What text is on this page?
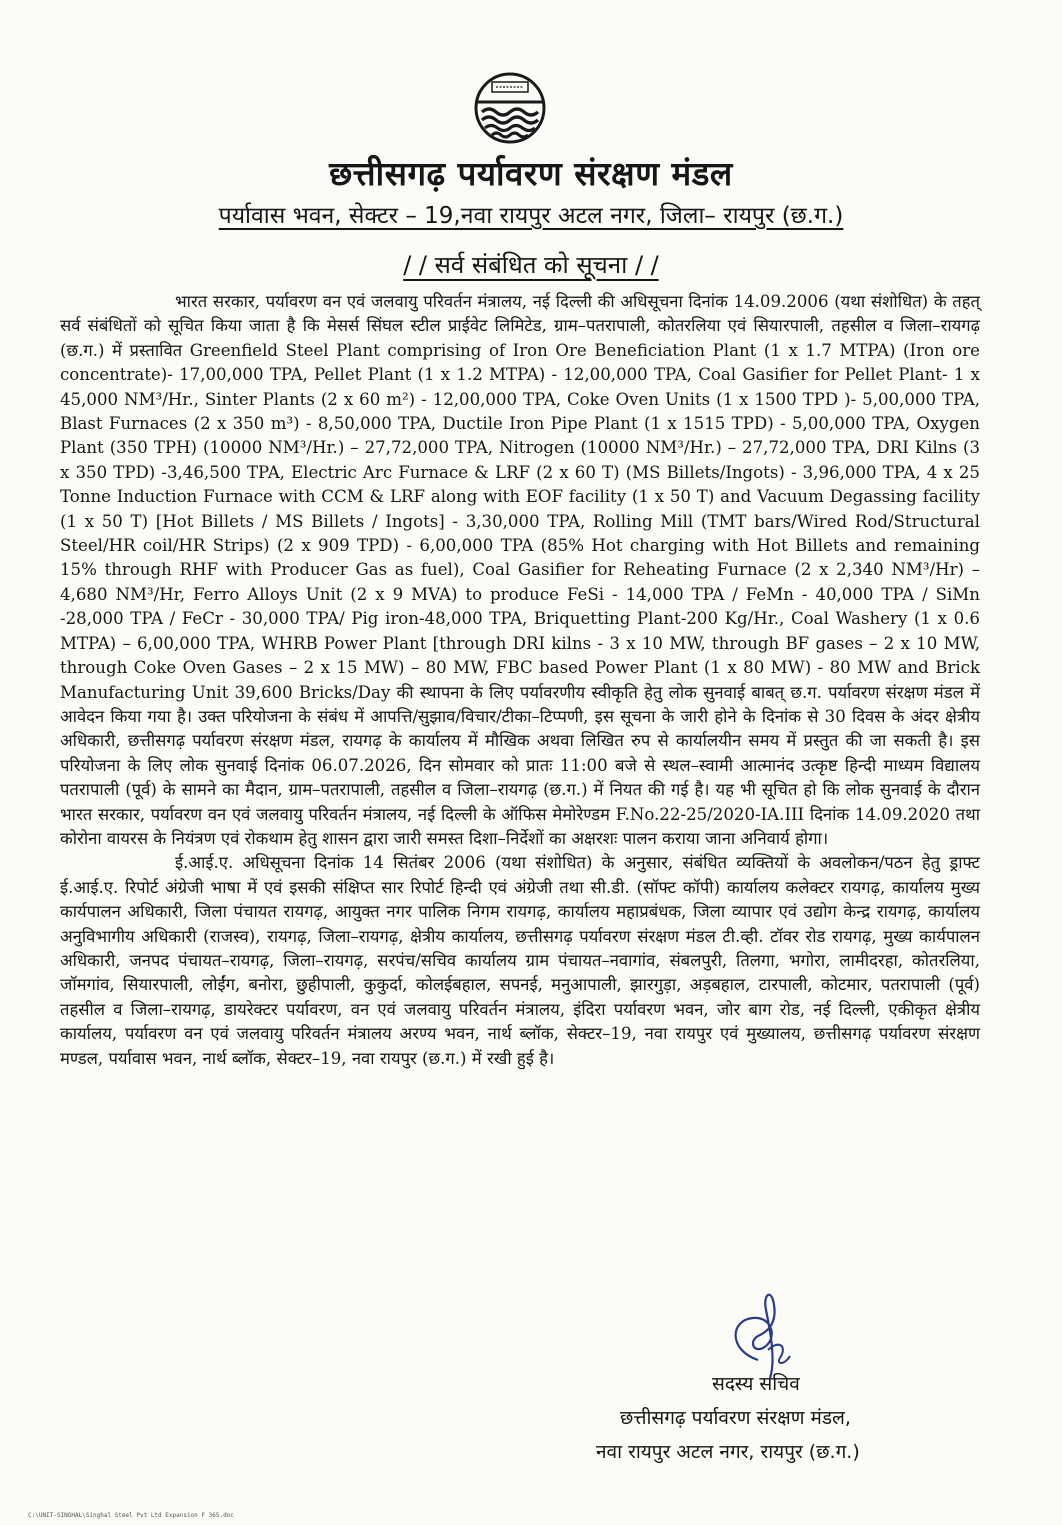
छत्तीसगढ़ पर्यावरण संरक्षण मंडल
पर्यावास भवन, सेक्टर – 19,नवा रायपुर अटल नगर, जिला– रायपुर (छ.ग.)
/ / सर्व संबंधित को सूचना / /

भारत सरकार, पर्यावरण वन एवं जलवायु परिवर्तन मंत्रालय, नई दिल्ली की अधिसूचना दिनांक 14.09.2006 (यथा संशोधित) के तहत् सर्व संबंधितों को सूचित किया जाता है कि मेसर्स सिंघल स्टील प्राईवेट लिमिटेड, ग्राम–पतरापाली, कोतरलिया एवं सियारपाली, तहसील व जिला–रायगढ़ (छ.ग.) में प्रस्तावित Greenfield Steel Plant comprising of Iron Ore Beneficiation Plant (1 x 1.7 MTPA) (Iron ore concentrate)- 17,00,000 TPA, Pellet Plant (1 x 1.2 MTPA) - 12,00,000 TPA, Coal Gasifier for Pellet Plant- 1 x 45,000 NM³/Hr., Sinter Plants (2 x 60 m²) - 12,00,000 TPA, Coke Oven Units (1 x 1500 TPD )- 5,00,000 TPA, Blast Furnaces (2 x 350 m³) - 8,50,000 TPA, Ductile Iron Pipe Plant (1 x 1515 TPD) - 5,00,000 TPA, Oxygen Plant (350 TPH) (10000 NM³/Hr.) – 27,72,000 TPA, Nitrogen (10000 NM³/Hr.) – 27,72,000 TPA, DRI Kilns (3 x 350 TPD) -3,46,500 TPA, Electric Arc Furnace & LRF (2 x 60 T) (MS Billets/Ingots) - 3,96,000 TPA, 4 x 25 Tonne Induction Furnace with CCM & LRF along with EOF facility (1 x 50 T) and Vacuum Degassing facility (1 x 50 T) [Hot Billets / MS Billets / Ingots] - 3,30,000 TPA, Rolling Mill (TMT bars/Wired Rod/Structural Steel/HR coil/HR Strips) (2 x 909 TPD) - 6,00,000 TPA (85% Hot charging with Hot Billets and remaining 15% through RHF with Producer Gas as fuel), Coal Gasifier for Reheating Furnace (2 x 2,340 NM³/Hr) – 4,680 NM³/Hr, Ferro Alloys Unit (2 x 9 MVA) to produce FeSi - 14,000 TPA / FeMn - 40,000 TPA / SiMn -28,000 TPA / FeCr - 30,000 TPA/ Pig iron-48,000 TPA, Briquetting Plant-200 Kg/Hr., Coal Washery (1 x 0.6 MTPA) – 6,00,000 TPA, WHRB Power Plant [through DRI kilns - 3 x 10 MW, through BF gases – 2 x 10 MW, through Coke Oven Gases – 2 x 15 MW) – 80 MW, FBC based Power Plant (1 x 80 MW) - 80 MW and Brick Manufacturing Unit 39,600 Bricks/Day की स्थापना के लिए पर्यावरणीय स्वीकृति हेतु लोक सुनवाई बाबत् छ.ग. पर्यावरण संरक्षण मंडल में आवेदन किया गया है। उक्त परियोजना के संबंध में आपत्ति/सुझाव/विचार/टीका–टिप्पणी, इस सूचना के जारी होने के दिनांक से 30 दिवस के अंदर क्षेत्रीय अधिकारी, छत्तीसगढ़ पर्यावरण संरक्षण मंडल, रायगढ़ के कार्यालय में मौखिक अथवा लिखित रुप से कार्यालयीन समय में प्रस्तुत की जा सकती है। इस परियोजना के लिए लोक सुनवाई दिनांक 06.07.2026, दिन सोमवार को प्रातः 11:00 बजे से स्थल–स्वामी आत्मानंद उत्कृष्ट हिन्दी माध्यम विद्यालय पतरापाली (पूर्व) के सामने का मैदान, ग्राम–पतरापाली, तहसील व जिला–रायगढ़ (छ.ग.) में नियत की गई है। यह भी सूचित हो कि लोक सुनवाई के दौरान भारत सरकार, पर्यावरण वन एवं जलवायु परिवर्तन मंत्रालय, नई दिल्ली के ऑफिस मेमोरेण्डम F.No.22-25/2020-IA.III दिनांक 14.09.2020 तथा कोरोना वायरस के नियंत्रण एवं रोकथाम हेतु शासन द्वारा जारी समस्त दिशा–निर्देशों का अक्षरशः पालन कराया जाना अनिवार्य होगा।

ई.आई.ए. अधिसूचना दिनांक 14 सितंबर 2006 (यथा संशोधित) के अनुसार, संबंधित व्यक्तियों के अवलोकन/पठन हेतु ड्राफ्ट ई.आई.ए. रिपोर्ट अंग्रेजी भाषा में एवं इसकी संक्षिप्त सार रिपोर्ट हिन्दी एवं अंग्रेजी तथा सी.डी. (सॉफ्ट कॉपी) कार्यालय कलेक्टर रायगढ़, कार्यालय मुख्य कार्यपालन अधिकारी, जिला पंचायत रायगढ़, आयुक्त नगर पालिक निगम रायगढ़, कार्यालय महाप्रबंधक, जिला व्यापार एवं उद्योग केन्द्र रायगढ़, कार्यालय अनुविभागीय अधिकारी (राजस्व), रायगढ़, जिला–रायगढ़, क्षेत्रीय कार्यालय, छत्तीसगढ़ पर्यावरण संरक्षण मंडल टी.व्ही. टॉवर रोड रायगढ़, मुख्य कार्यपालन अधिकारी, जनपद पंचायत–रायगढ़, जिला–रायगढ़, सरपंच/सचिव कार्यालय ग्राम पंचायत–नवागांव, संबलपुरी, तिलगा, भगोरा, लामीदरहा, कोतरलिया, जॉमगांव, सियारपाली, लोईंग, बनोरा, छुहीपाली, कुकुर्दा, कोलईबहाल, सपनई, मनुआपाली, झारगुड़ा, अड़बहाल, टारपाली, कोटमार, पतरापाली (पूर्व) तहसील व जिला–रायगढ़, डायरेक्टर पर्यावरण, वन एवं जलवायु परिवर्तन मंत्रालय, इंदिरा पर्यावरण भवन, जोर बाग रोड, नई दिल्ली, एकीकृत क्षेत्रीय कार्यालय, पर्यावरण वन एवं जलवायु परिवर्तन मंत्रालय अरण्य भवन, नार्थ ब्लॉक, सेक्टर–19, नवा रायपुर एवं मुख्यालय, छत्तीसगढ़ पर्यावरण संरक्षण मण्डल, पर्यावास भवन, नार्थ ब्लॉक, सेक्टर–19, नवा रायपुर (छ.ग.) में रखी हुई है।

सदस्य सचिव
छत्तीसगढ़ पर्यावरण संरक्षण मंडल,
नवा रायपुर अटल नगर, रायपुर (छ.ग.)
C:\UNIT-SINGHAL\Singhal Steel Pvt Ltd Expansion F 365.doc
